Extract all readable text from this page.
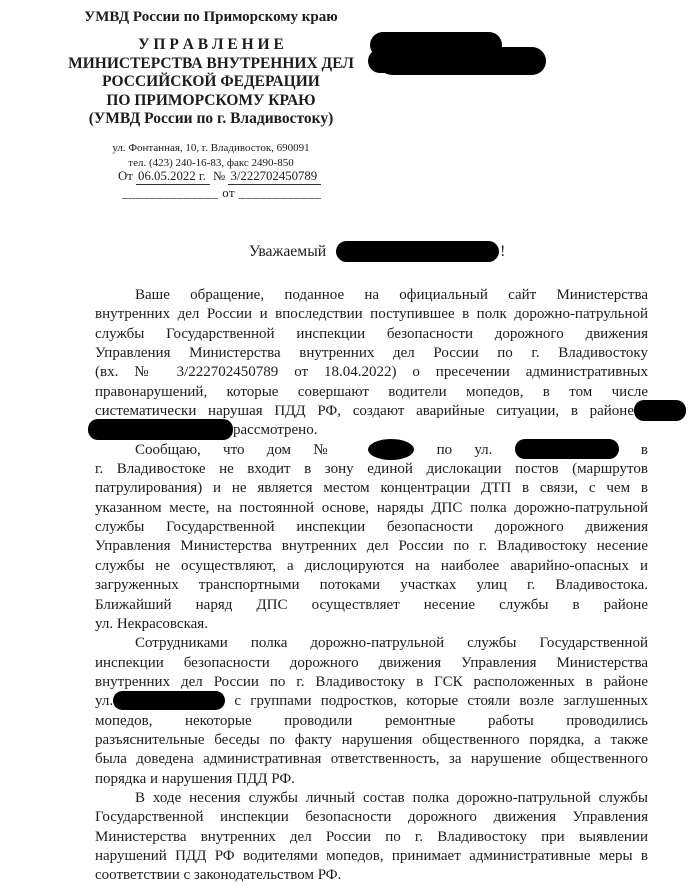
УМВД России по Приморскому краю
У П Р А В Л Е Н И Е
МИНИСТЕРСТВА ВНУТРЕННИХ ДЕЛ
РОССИЙСКОЙ ФЕДЕРАЦИИ
ПО ПРИМОРСКОМУ КРАЮ
(УМВД России по г. Владивостоку)
ул. Фонтанная, 10, г. Владивосток, 690091
тел. (423) 240-16-83, факс 2490-850
От 06.05.2022 г. № 3/222702450789
______________ от ____________
Уважаемый	!
Ваше обращение, поданное на официальный сайт Министерства
внутренних дел России и впоследствии поступившее в полк дорожно-патрульной
службы Государственной инспекции безопасности дорожного движения
Управления Министерства внутренних дел России по г. Владивостоку
(вх. № 3/222702450789 от 18.04.2022) о пресечении административных
правонарушений, которые совершают водители мопедов, в том числе
систематически нарушая ПДД РФ, создают аварийные ситуации, в районе
рассмотрено.
Сообщаю, что дом №	по ул.	в
г. Владивостоке не входит в зону единой дислокации постов (маршрутов
патрулирования) и не является местом концентрации ДТП в связи, с чем в
указанном месте, на постоянной основе, наряды ДПС полка дорожно-патрульной
службы Государственной инспекции безопасности дорожного движения
Управления Министерства внутренних дел России по г. Владивостоку несение
службы не осуществляют, а дислоцируются на наиболее аварийно-опасных и
загруженных транспортными потоками участках улиц г. Владивостока.
Ближайший наряд ДПС осуществляет несение службы в районе
ул. Некрасовская.
Сотрудниками полка дорожно-патрульной службы Государственной
инспекции безопасности дорожного движения Управления Министерства
внутренних дел России по г. Владивостоку в ГСК расположенных в районе
ул.	с группами подростков, которые стояли возле заглушенных
мопедов, некоторые проводили ремонтные работы проводились
разъяснительные беседы по факту нарушения общественного порядка, а также
была доведена административная ответственность, за нарушение общественного
порядка и нарушения ПДД РФ.
В ходе несения службы личный состав полка дорожно-патрульной службы
Государственной инспекции безопасности дорожного движения Управления
Министерства внутренних дел России по г. Владивостоку при выявлении
нарушений ПДД РФ водителями мопедов, принимает административные меры в
соответствии с законодательством РФ.
